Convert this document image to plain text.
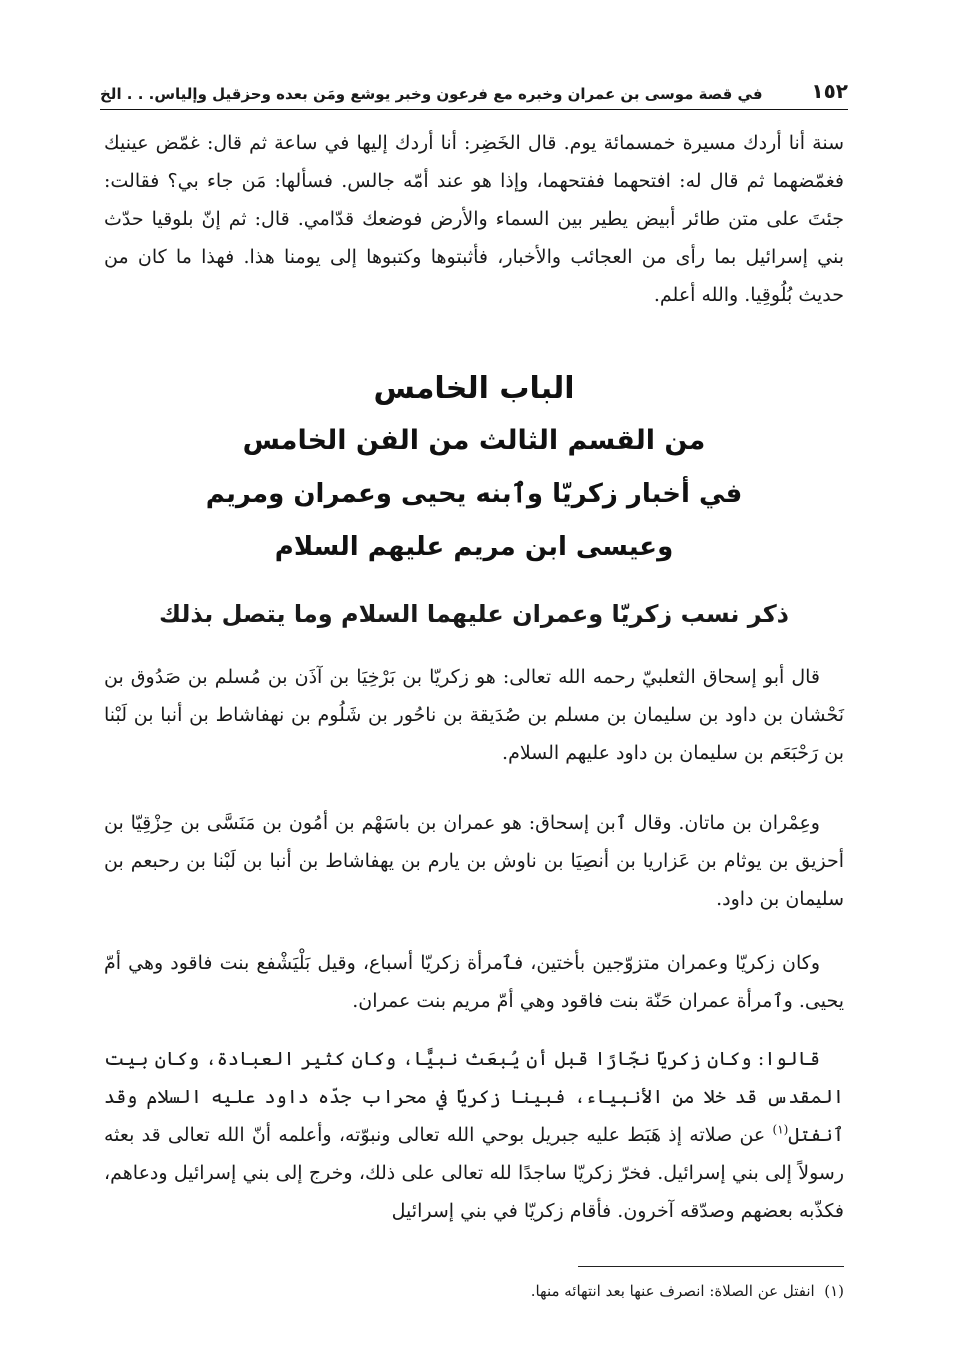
١٥٢
في قصة موسى بن عمران وخبره مع فرعون وخبر يوشع ومَن بعده وحزقيل وإلياس. . . الخ

سنة أنا أردك مسيرة خمسمائة يوم. قال الخَضِر: أنا أردك إليها في ساعة ثم قال: غمّض عينيك فغمّضهما ثم قال له: افتحهما ففتحهما، وإذا هو عند أمّه جالس. فسألها: مَن جاء بي؟ فقالت: جئتَ على متن طائر أبيض يطير بين السماء والأرض فوضعك قدّامي. قال: ثم إنّ بلوقيا حدّث بني إسرائيل بما رأى من العجائب والأخبار، فأثبتوها وكتبوها إلى يومنا هذا. فهذا ما كان من حديث بُلُوقِيا. والله أعلم.

الباب الخامس
من القسم الثالث من الفن الخامس
في أخبار زكريّا وٱبنه يحيى وعمران ومريم
وعيسى ابن مريم عليهم السلام
ذكر نسب زكريّا وعمران عليهما السلام وما يتصل بذلك

قال أبو إسحاق الثعلبيّ رحمه الله تعالى: هو زكريّا بن بَرْخِيَا بن آذَن بن مُسلم بن صَدُوق بن نَحْشان بن داود بن سليمان بن مسلم بن صُدَيقة بن ناحُور بن شَلُوم بن نهفاشاط بن أنبا بن لَبْنا بن رَحْبَعَم بن سليمان بن داود عليهم السلام.

وعِمْران بن ماتان. وقال ٱبن إسحاق: هو عمران بن باسَهْم بن أمُون بن مَنَسَّى بن حِزْقِيّا بن أحزيق بن يوثام بن عَزاريا بن أنصِيَا بن ناوش بن يارم بن يهفاشاط بن أنبا بن لَبْنا بن رحبعم بن سليمان بن داود.

وكان زكريّا وعمران متزوّجين بأختين، فٱمرأة زكريّا أسباع، وقيل بَلْيَشْفع بنت فاقود وهي أمّ يحيى. وٱمرأة عمران حَنّة بنت فاقود وهي أمّ مريم بنت عمران.

قالوا: وكان زكريّا نجّارًا قبل أن يُبعَث نبيًّا، وكان كثير العبادة، وكان بيت المقدس قد خلا من الأنبياء، فبينا زكريّا في محراب جدّه داود عليه السلام وقد ٱنفتل$^{(١)}$ عن صلاته إذ هَبَط عليه جبريل بوحي الله تعالى ونبوّته، وأعلمه أنّ الله تعالى قد بعثه رسولاً إلى بني إسرائيل. فخرّ زكريّا ساجدًا لله تعالى على ذلك، وخرج إلى بني إسرائيل ودعاهم، فكذّبه بعضهم وصدّقه آخرون. فأقام زكريّا في بني إسرائيل

(١)  انفتل عن الصلاة: انصرف عنها بعد انتهائه منها.
